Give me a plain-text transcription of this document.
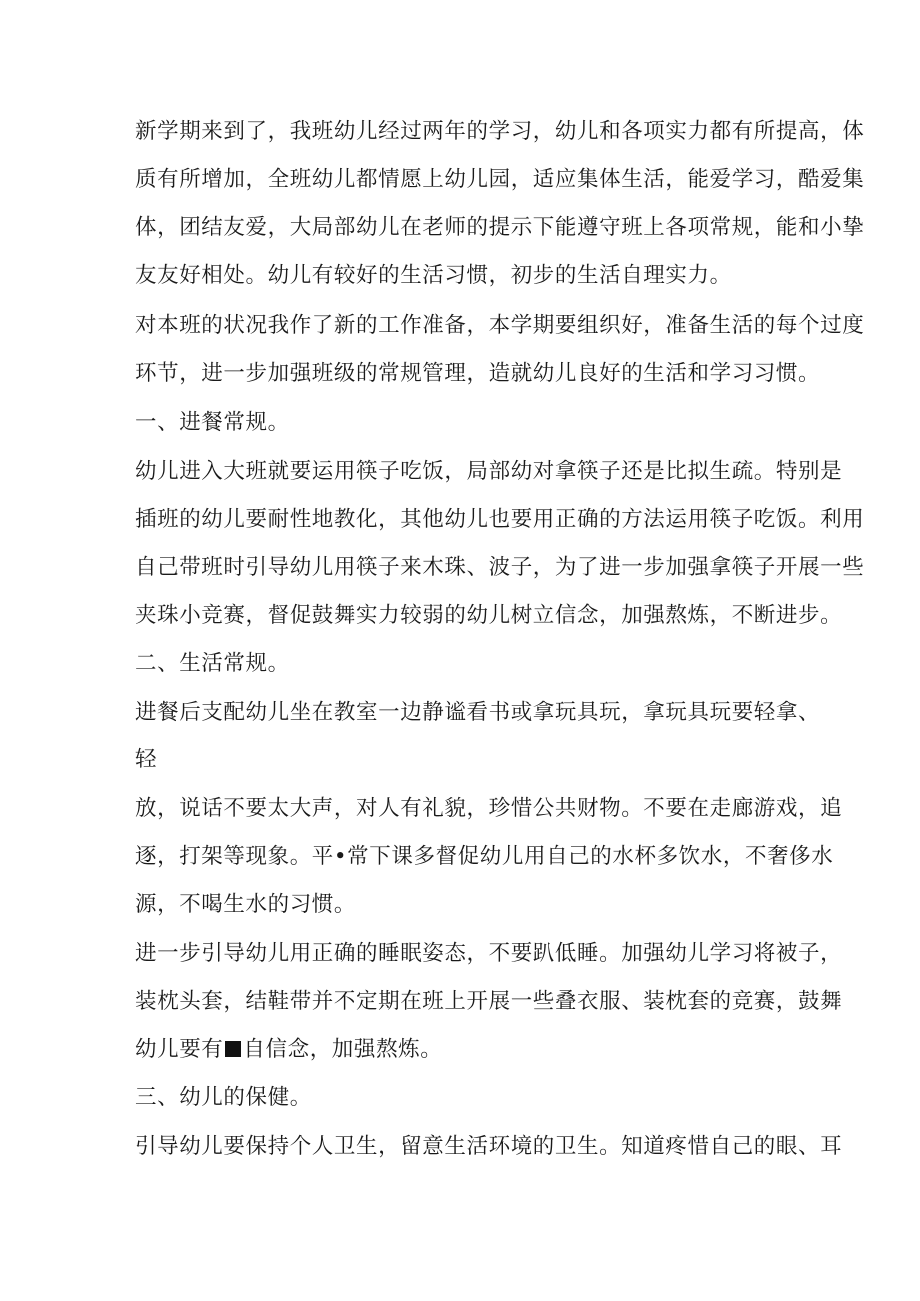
新学期来到了，我班幼儿经过两年的学习，幼儿和各项实力都有所提高，体
质有所增加，全班幼儿都情愿上幼儿园，适应集体生活，能爱学习，酷爱集
体，团结友爱，大局部幼儿在老师的提示下能遵守班上各项常规，能和小挚
友友好相处。幼儿有较好的生活习惯，初步的生活自理实力。
对本班的状况我作了新的工作准备，本学期要组织好，准备生活的每个过度
环节，进一步加强班级的常规管理，造就幼儿良好的生活和学习习惯。
一、进餐常规。
幼儿进入大班就要运用筷子吃饭，局部幼对拿筷子还是比拟生疏。特别是
插班的幼儿要耐性地教化，其他幼儿也要用正确的方法运用筷子吃饭。利用
自己带班时引导幼儿用筷子来木珠、波子，为了进一步加强拿筷子开展一些
夹珠小竞赛，督促鼓舞实力较弱的幼儿树立信念，加强熬炼，不断进步。
二、生活常规。
进餐后支配幼儿坐在教室一边静谧看书或拿玩具玩，拿玩具玩要轻拿、
轻
放，说话不要太大声，对人有礼貌，珍惜公共财物。不要在走廊游戏，追
逐，打架等现象。平•常下课多督促幼儿用自己的水杯多饮水，不奢侈水
源，不喝生水的习惯。
进一步引导幼儿用正确的睡眠姿态，不要趴低睡。加强幼儿学习将被子，
装枕头套，结鞋带并不定期在班上开展一些叠衣服、装枕套的竞赛，鼓舞
幼儿要有 自信念，加强熬炼。
三、幼儿的保健。
引导幼儿要保持个人卫生，留意生活环境的卫生。知道疼惜自己的眼、耳
